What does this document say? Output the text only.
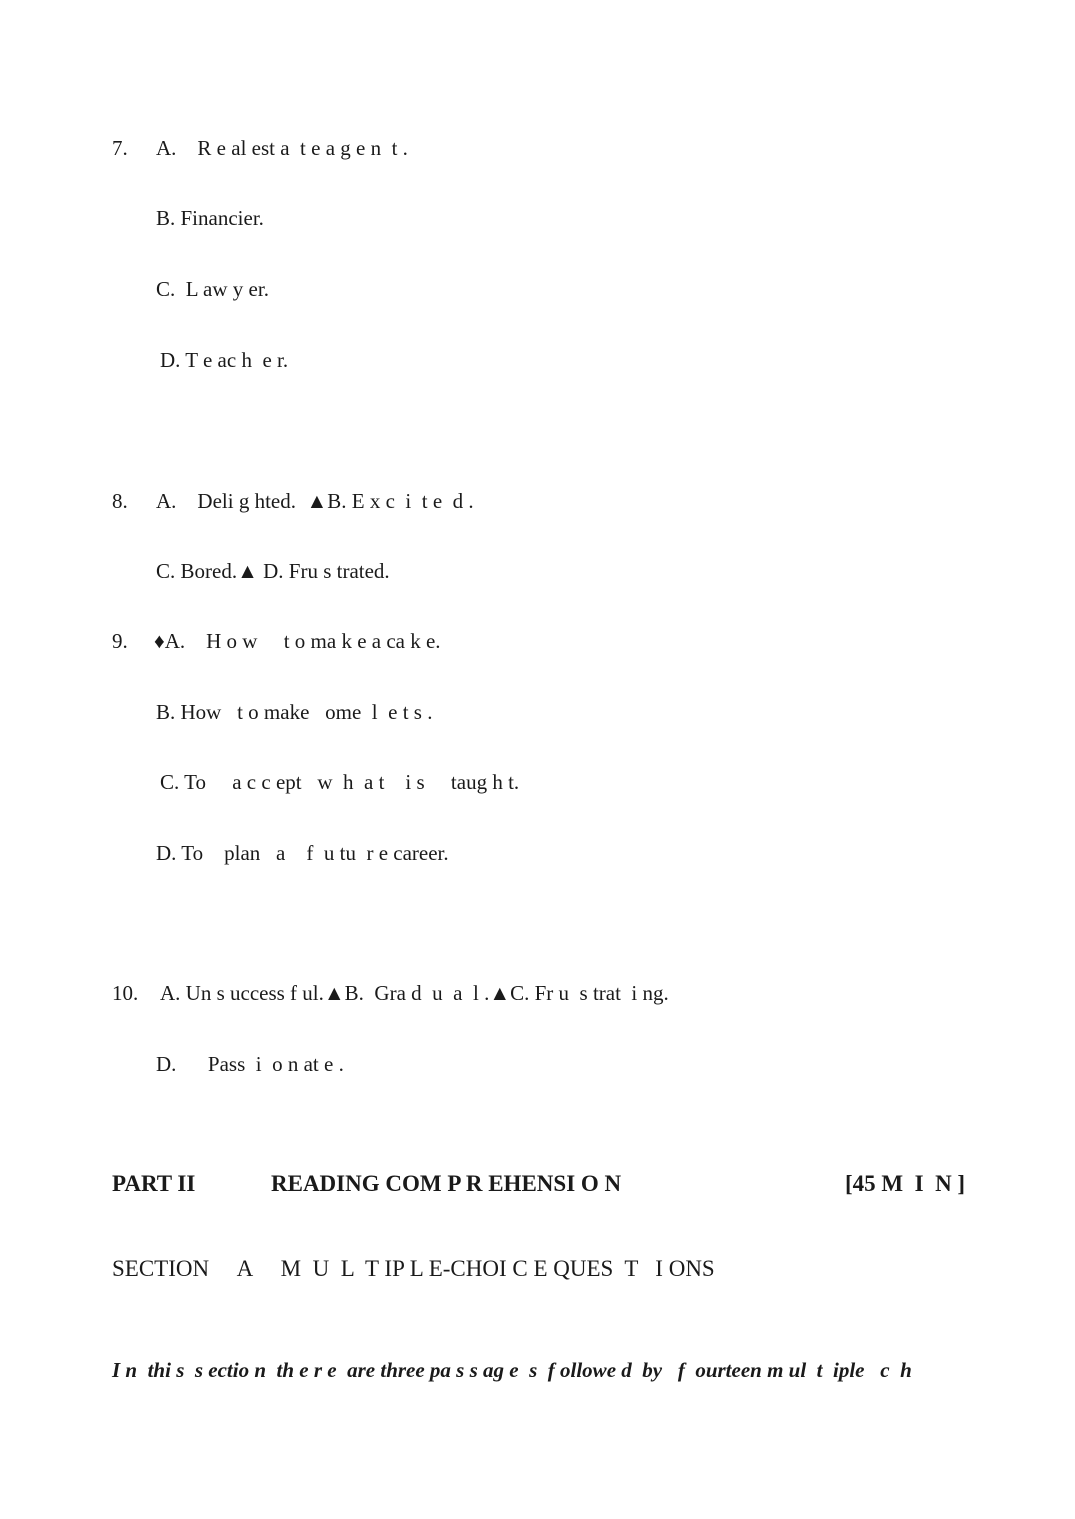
7. A.    R e al est a  t e a g e n  t .
B. Financier.
C.  L aw y er.
D. T e ac h  e r.
8. A.    Deli g hted.  ▲B. E x c  i  t e  d .
C. Bored.▲ D. Fru s trated.
9. ♦A.    H o w     t o ma k e a ca k e.
B. How   t o make   ome  l  e t s .
C. To     a c c ept   w  h  a t    i s     taug h t.
D. To    plan   a    f  u tu  r e career.
10. A. Un s uccess f ul.▲B.  Gra d  u  a  l .▲C. Fr u  s trat  i ng.
D.      Pass  i  o n at e .
PART II	READING COM P R EHENSI O N	[45 M  I  N ]
SECTION     A     M  U  L  T IP L E-CHOI C E QUES  T   I ONS
I n  thi s  s ectio n  th e r e  are three pa s s ag e  s  f ollowe d  by   f  ourteen m ul  t  iple   c  h
